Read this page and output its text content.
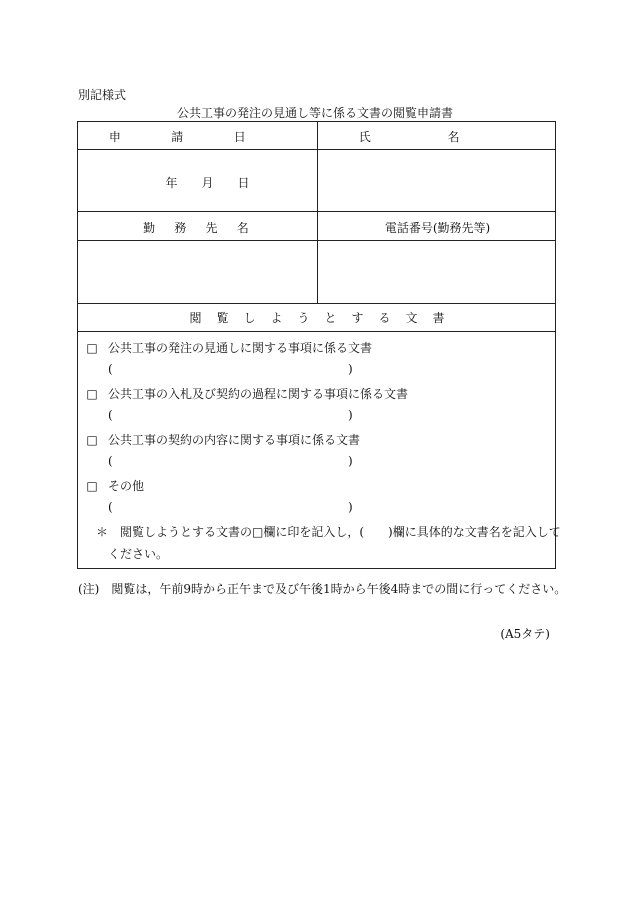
別記様式
公共工事の発注の見通し等に係る文書の閲覧申請書
申請日	氏名
年　　月　　日
勤務先名	電話番号(勤務先等)
閲覧しようとする文書
□ 公共工事の発注の見通しに関する事項に係る文書
(	)
□ 公共工事の入札及び契約の過程に関する事項に係る文書
(	)
□ 公共工事の契約の内容に関する事項に係る文書
(	)
□ その他
(	)
＊　閲覧しようとする文書の□欄に印を記入し，(　　)欄に具体的な文書名を記入して
ください。
(注)　閲覧は，午前9時から正午まで及び午後1時から午後4時までの間に行ってください。
(A5タテ)
